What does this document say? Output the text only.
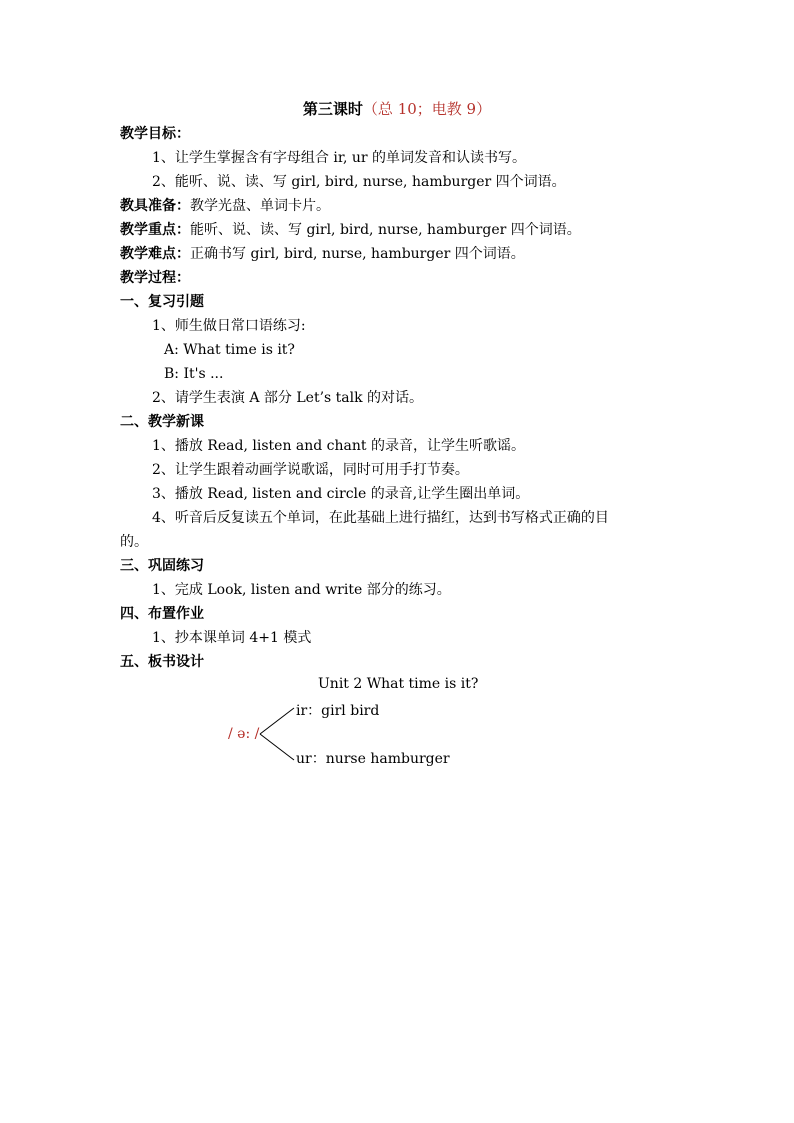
第三课时（总 10；电教 9）
教学目标：
1、让学生掌握含有字母组合 ir, ur 的单词发音和认读书写。
2、能听、说、读、写 girl, bird, nurse, hamburger 四个词语。
教具准备：教学光盘、单词卡片。
教学重点：能听、说、读、写 girl, bird, nurse, hamburger 四个词语。
教学难点：正确书写 girl, bird, nurse, hamburger 四个词语。
教学过程：
一、复习引题
1、师生做日常口语练习:
A: What time is it?
B: It's ...
2、请学生表演 A 部分 Let’s talk 的对话。
二、教学新课
1、播放 Read, listen and chant 的录音，让学生听歌谣。
2、让学生跟着动画学说歌谣，同时可用手打节奏。
3、播放 Read, listen and circle 的录音,让学生圈出单词。
4、听音后反复读五个单词，在此基础上进行描红，达到书写格式正确的目
的。
三、巩固练习
1、完成 Look, listen and write 部分的练习。
四、布置作业
1、抄本课单词 4+1 模式
五、板书设计
Unit 2 What time is it?
/ ə: /
ir：girl bird
ur：nurse hamburger
